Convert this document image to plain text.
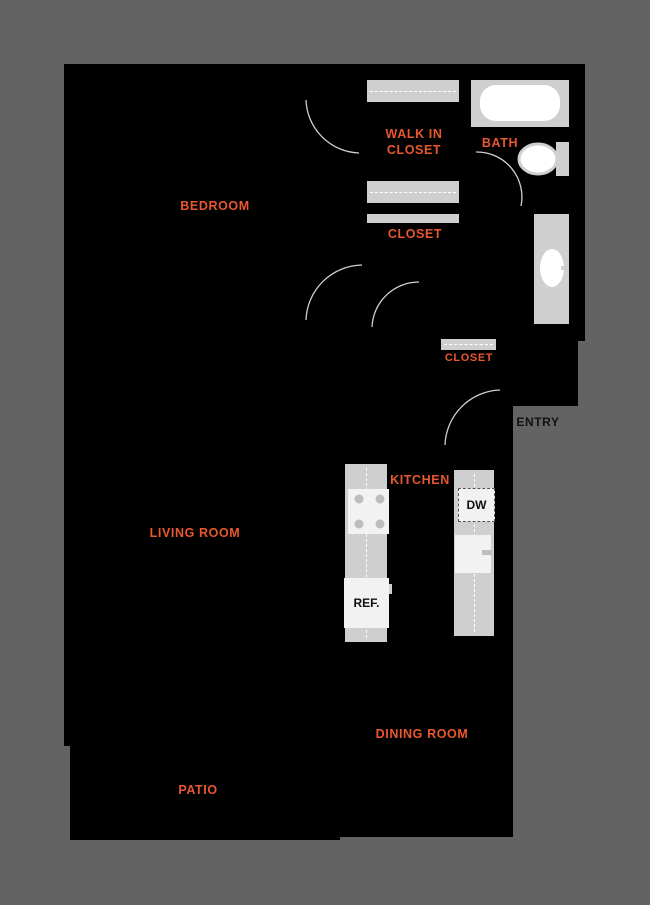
DW
REF.
WALK IN
CLOSET	BATH
BEDROOM
CLOSET
CLOSET
ENTRY
KITCHEN
LIVING ROOM
DINING ROOM
PATIO
